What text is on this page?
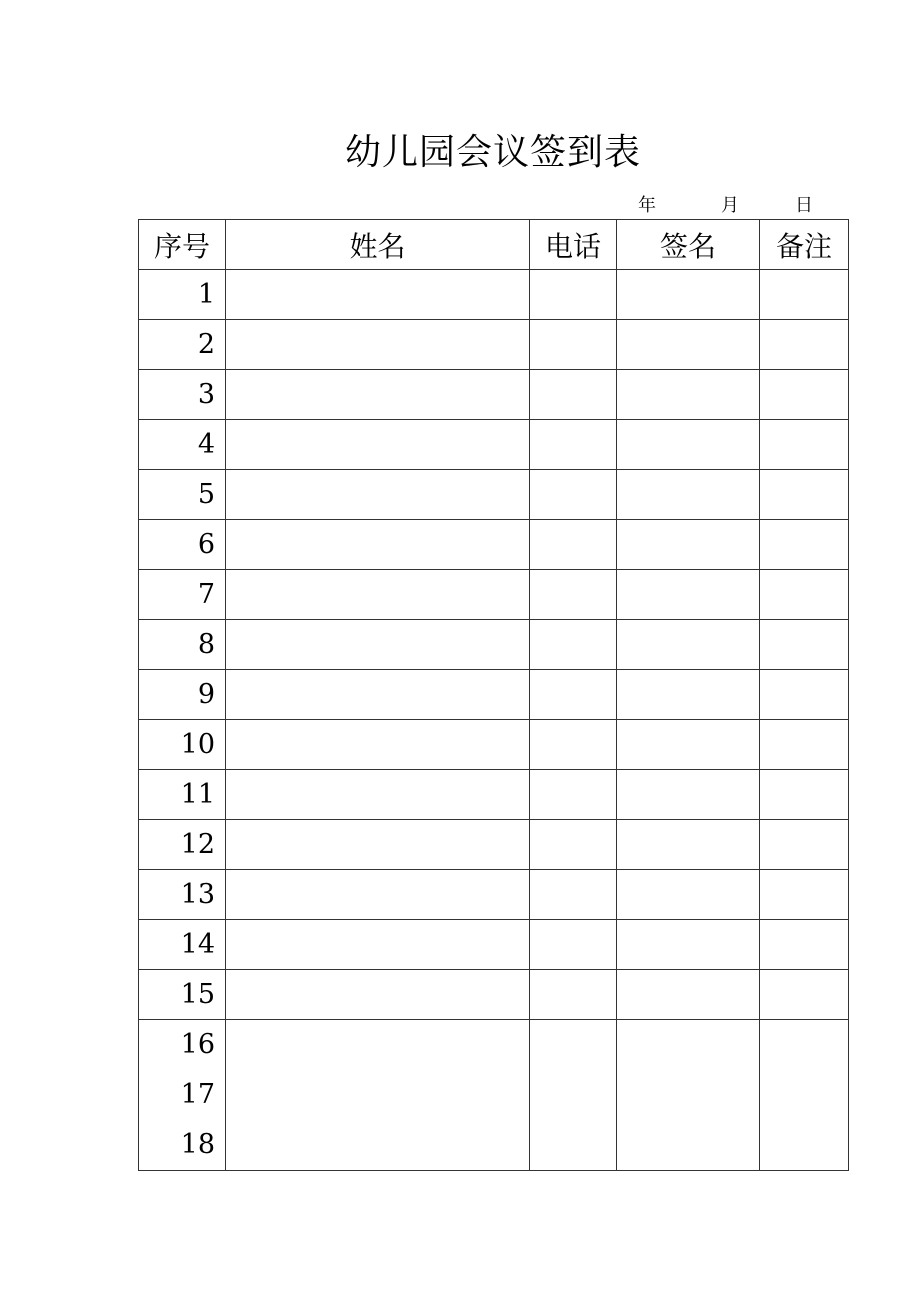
幼儿园会议签到表
年	月	日
序号	姓名	电话	签名	备注
1				
2				
3				
4				
5				
6				
7				
8				
9				
10				
11				
12				
13				
14				
15				

16
17
18				
